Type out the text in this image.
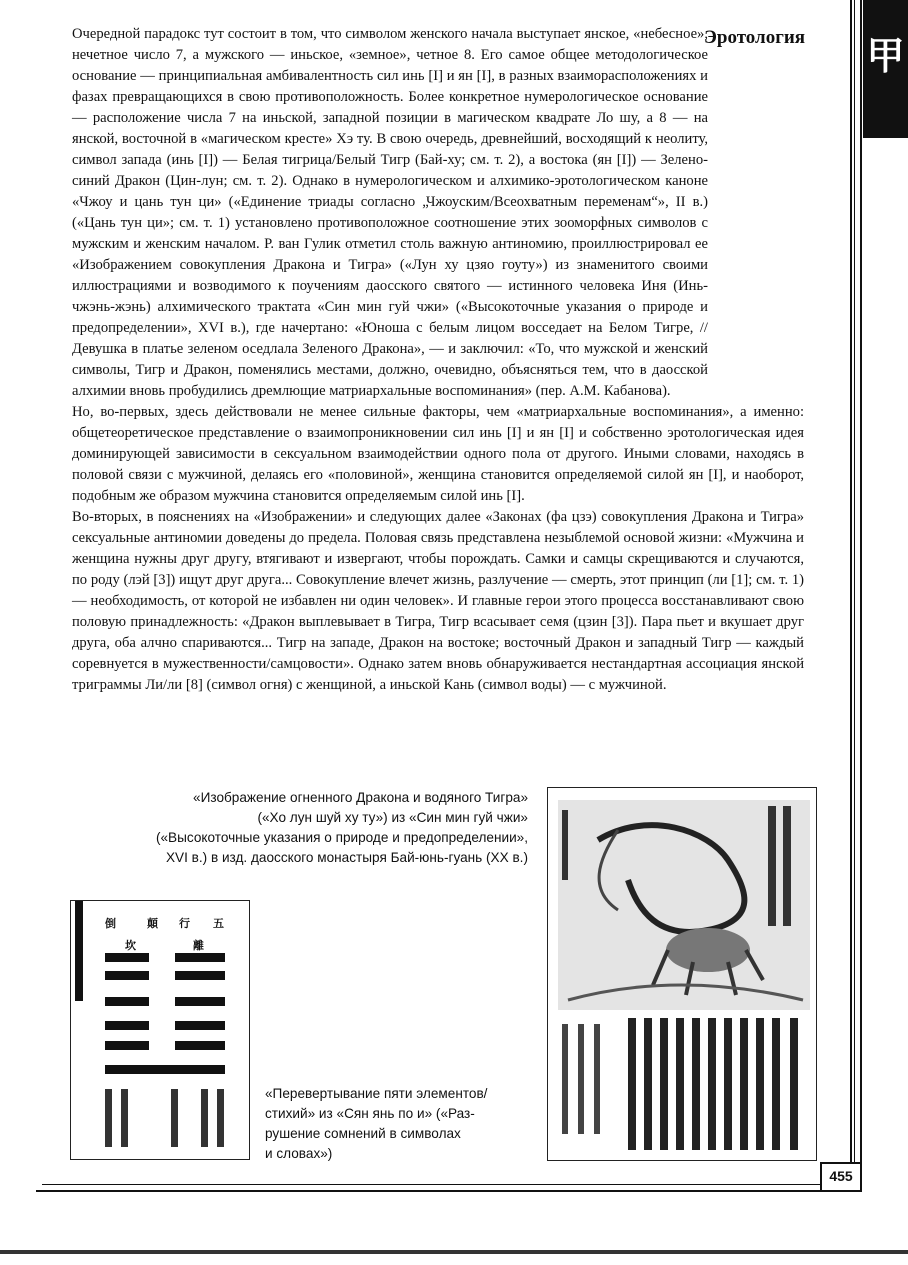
甲
Эротология

Очередной парадокс тут состоит в том, что символом женского начала выступает янское, «небесное», нечетное число 7, а мужского — иньское, «земное», четное 8. Его самое общее методологическое основание — принципиальная амбивалентность сил инь [I] и ян [I], в разных взаиморасположениях и фазах превращающихся в свою противоположность. Более конкретное нумерологическое основание — расположение числа 7 на иньской, западной позиции в магическом квадрате Ло шу, а 8 — на янской, восточной в «магическом кресте» Хэ ту. В свою очередь, древнейший, восходящий к неолиту, символ запада (инь [I]) — Белая тигрица/Белый Тигр (Бай-ху; см. т. 2), а востока (ян [I]) — Зелено-синий Дракон (Цин-лун; см. т. 2). Однако в нумерологическом и алхимико-эротологическом каноне «Чжоу и цань тун ци» («Единение триады согласно „Чжоуским/Всеохватным переменам“», II в.) («Цань тун ци»; см. т. 1) установлено противоположное соотношение этих зооморфных символов с мужским и женским началом. Р. ван Гулик отметил столь важную антиномию, проиллюстрировал ее «Изображением совокупления Дракона и Тигра» («Лун ху цзяо гоуту») из знаменитого своими иллюстрациями и возводимого к поучениям даосского святого — истинного человека Иня (Инь-чжэнь-жэнь) алхимического трактата «Син мин гуй чжи» («Высокоточные указания о природе и предопределении», XVI в.), где начертано: «Юноша с белым лицом восседает на Белом Тигре, // Девушка в платье зеленом оседлала Зеленого Дракона», — и заключил: «То, что мужской и женский символы, Тигр и Дракон, поменялись местами, должно, очевидно, объясняться тем, что в даосской алхимии вновь пробудились дремлющие матриархальные воспоминания» (пер. А.М. Кабанова).

Но, во-первых, здесь действовали не менее сильные факторы, чем «матриархальные воспоминания», а именно: общетеоретическое представление о взаимопроникновении сил инь [I] и ян [I] и собственно эротологическая идея доминирующей зависимости в сексуальном взаимодействии одного пола от другого. Иными словами, находясь в половой связи с мужчиной, делаясь его «половиной», женщина становится определяемой силой ян [I], и наоборот, подобным же образом мужчина становится определяемым силой инь [I].

Во-вторых, в пояснениях на «Изображении» и следующих далее «Законах (фа цзэ) совокупления Дракона и Тигра» сексуальные антиномии доведены до предела. Половая связь представлена незыблемой основой жизни: «Мужчина и женщина нужны друг другу, втягивают и извергают, чтобы порождать. Самки и самцы скрещиваются и случаются, по роду (лэй [3]) ищут друг друга... Совокупление влечет жизнь, разлучение — смерть, этот принцип (ли [1]; см. т. 1) — необходимость, от которой не избавлен ни один человек». И главные герои этого процесса восстанавливают свою половую принадлежность: «Дракон выплевывает в Тигра, Тигр всасывает семя (цзин [3]). Пара пьет и вкушает друг друга, оба алчно спариваются... Тигр на западе, Дракон на востоке; восточный Дракон и западный Тигр — каждый соревнуется в мужественности/самцовости». Однако затем вновь обнаруживается нестандартная ассоциация янской триграммы Ли/ли [8] (символ огня) с женщиной, а иньской Кань (символ воды) — с мужчиной.

«Изображение огненного Дракона и водяного Тигра»
(«Хо лун шуй ху ту») из «Син мин гуй чжи»
(«Высокоточные указания о природе и предопределении»,
XVI в.) в изд. даосского монастыря Бай-юнь-гуань (XX в.)
倒	顛 行 五
坎	離
«Перевертывание пяти элементов/
стихий» из «Сян янь по и» («Раз-
рушение сомнений в символах
и словах»)
455
